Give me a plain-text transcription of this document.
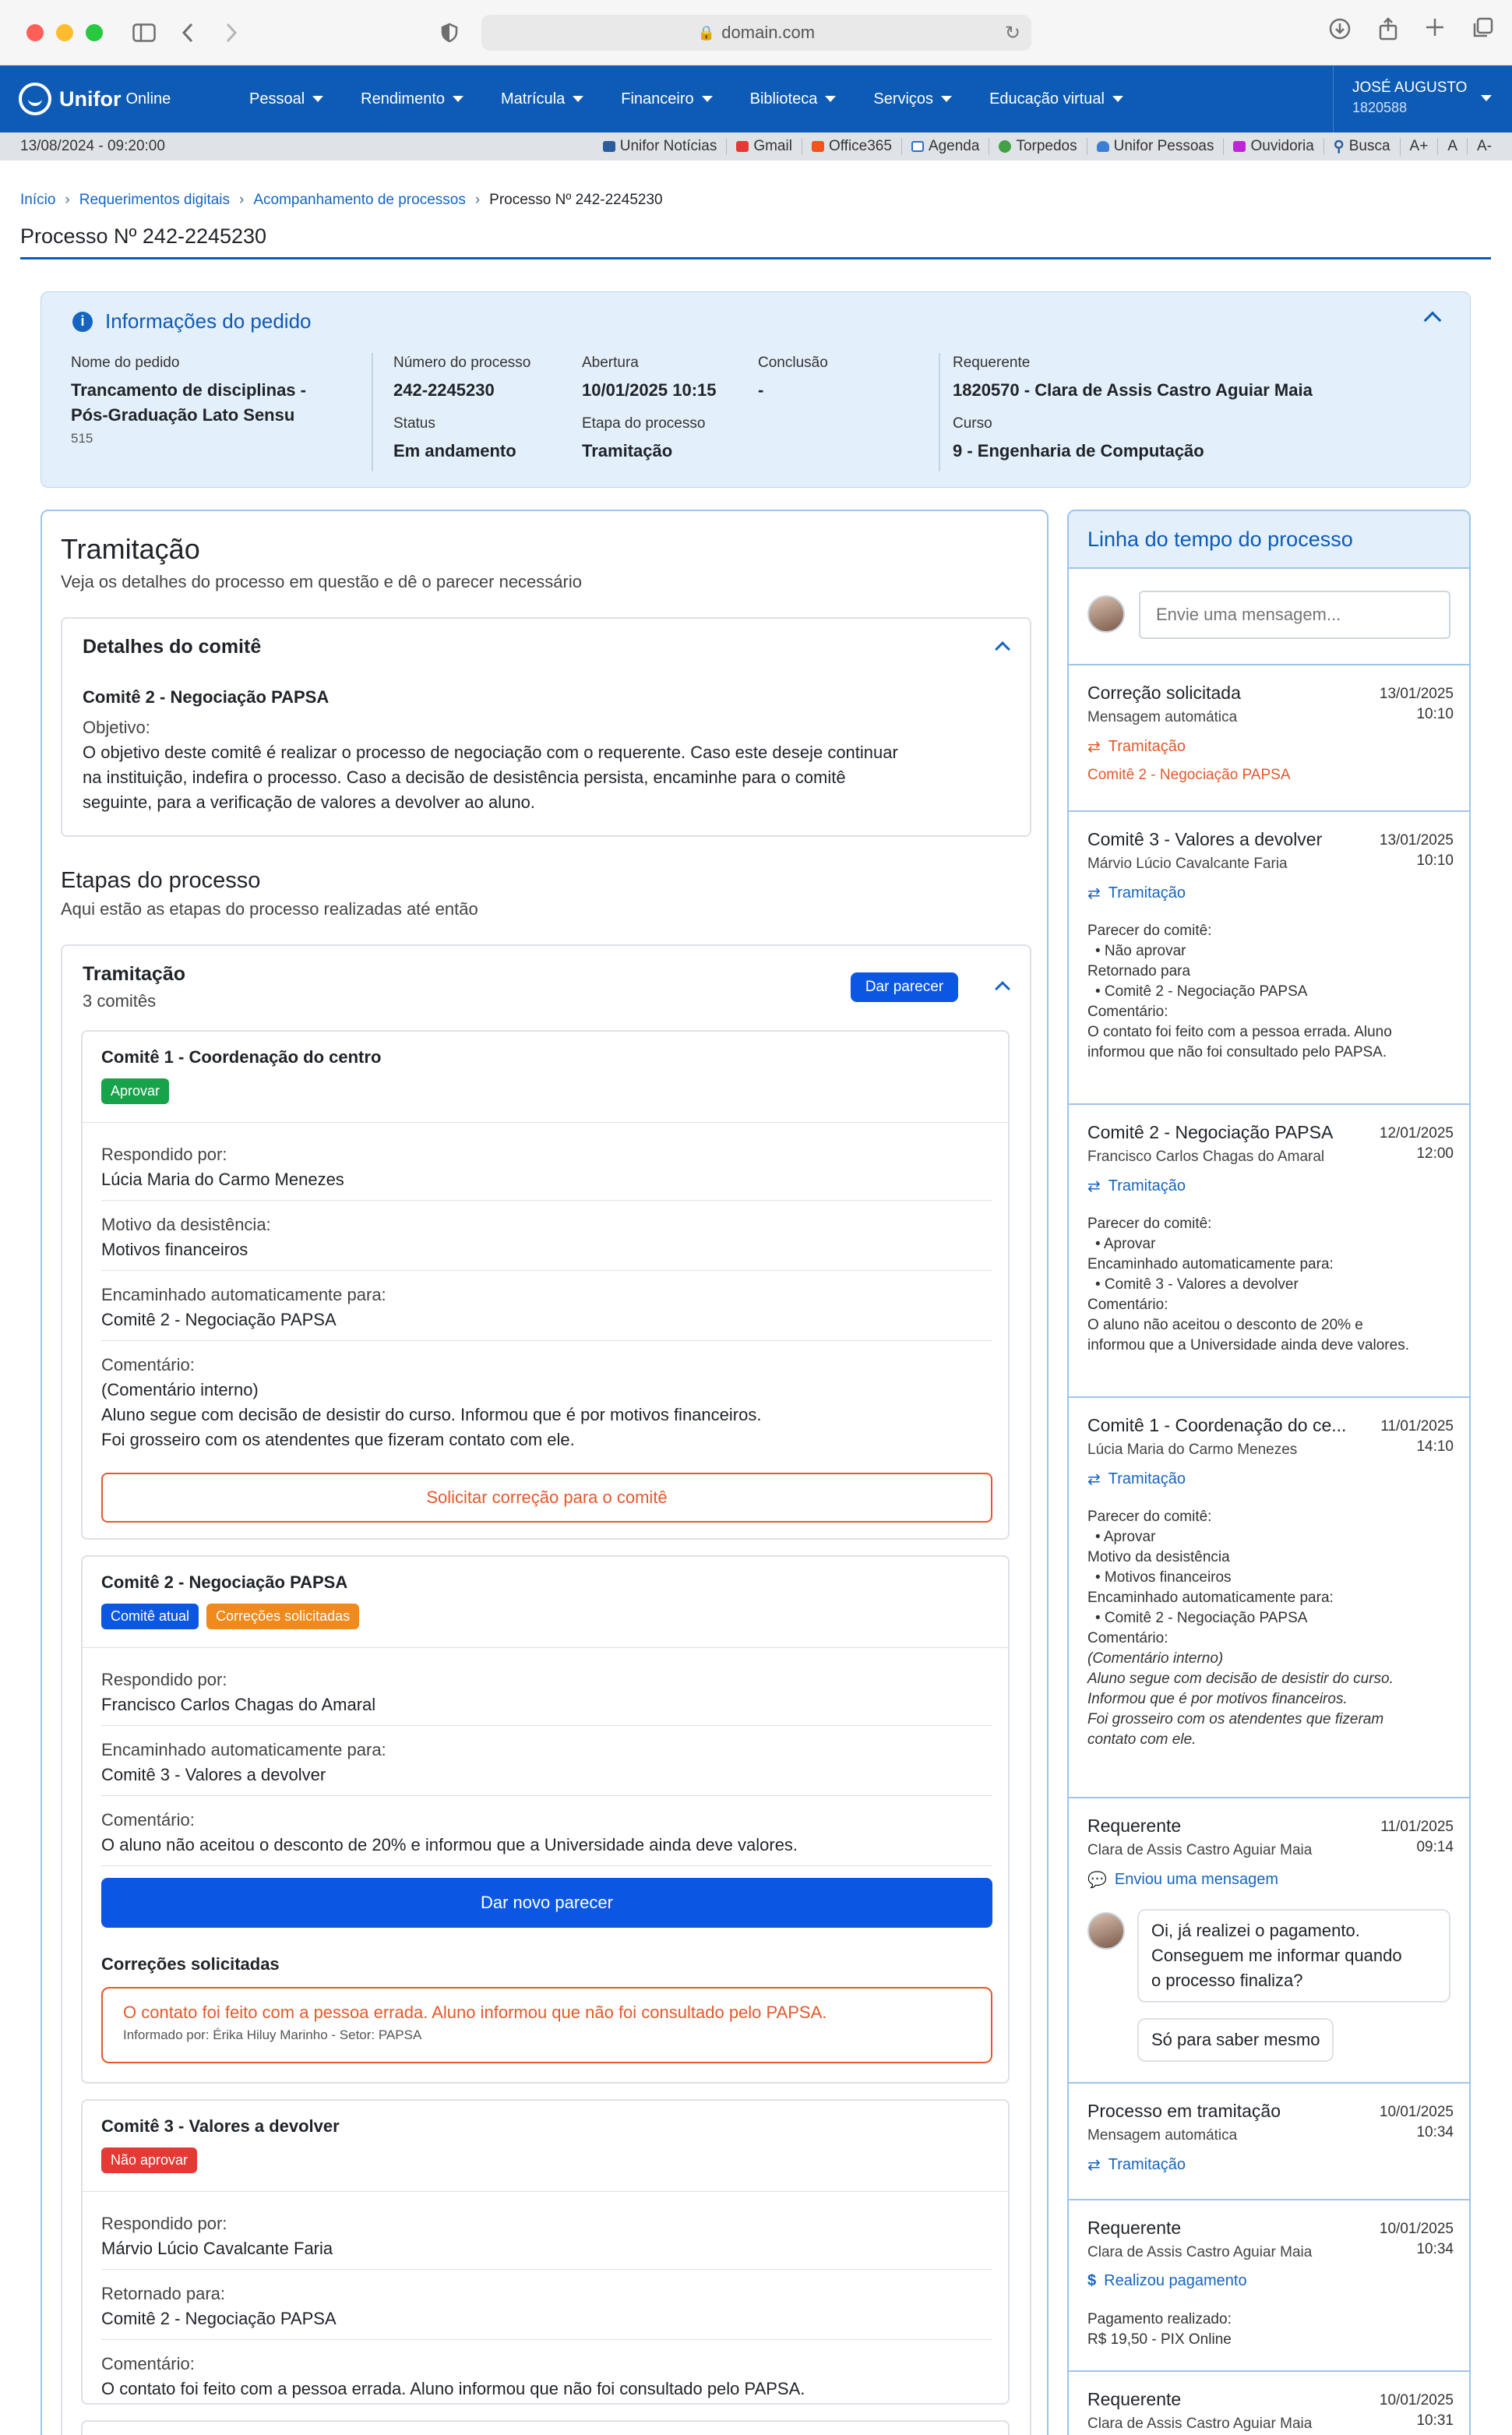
🔒 domain.com	↻
Unifor Online	Pessoal	Rendimento	Matrícula	Financeiro	Biblioteca	Serviços	Educação virtual
JOSÉ AUGUSTO
1820588
13/08/2024 - 09:20:00	Unifor Notícias Gmail Office365 Agenda Torpedos Unifor Pessoas Ouvidoria ⚲ Busca A+ A A-
Início › Requerimentos digitais › Acompanhamento de processos › Processo Nº 242-2245230
Processo Nº 242-2245230
i	Informações do pedido
Nome do pedido
Trancamento de disciplinas -
Pós-Graduação Lato Sensu
515
Número do processo
242-2245230
Abertura
10/01/2025 10:15
Conclusão
-
Status
Em andamento
Etapa do processo
Tramitação
Requerente
1820570 - Clara de Assis Castro Aguiar Maia
Curso
9 - Engenharia de Computação
Tramitação
Veja os detalhes do processo em questão e dê o parecer necessário
Detalhes do comitê
Comitê 2 - Negociação PAPSA
Objetivo:
O objetivo deste comitê é realizar o processo de negociação com o requerente. Caso este deseje continuar
na instituição, indefira o processo. Caso a decisão de desistência persista, encaminhe para o comitê
seguinte, para a verificação de valores a devolver ao aluno.
Etapas do processo
Aqui estão as etapas do processo realizadas até então
Tramitação
3 comitês
Dar parecer
Comitê 1 - Coordenação do centro
Aprovar
Respondido por:
Lúcia Maria do Carmo Menezes
Motivo da desistência:
Motivos financeiros
Encaminhado automaticamente para:
Comitê 2 - Negociação PAPSA
Comentário:
(Comentário interno)
Aluno segue com decisão de desistir do curso. Informou que é por motivos financeiros.
Foi grosseiro com os atendentes que fizeram contato com ele.
Solicitar correção para o comitê
Comitê 2 - Negociação PAPSA
Comitê atual	Correções solicitadas
Respondido por:
Francisco Carlos Chagas do Amaral
Encaminhado automaticamente para:
Comitê 3 - Valores a devolver
Comentário:
O aluno não aceitou o desconto de 20% e informou que a Universidade ainda deve valores.
Dar novo parecer
Correções solicitadas
O contato foi feito com a pessoa errada. Aluno informou que não foi consultado pelo PAPSA.
Informado por: Érika Hiluy Marinho - Setor: PAPSA
Comitê 3 - Valores a devolver
Não aprovar
Respondido por:
Márvio Lúcio Cavalcante Faria
Retornado para:
Comitê 2 - Negociação PAPSA
Comentário:
O contato foi feito com a pessoa errada. Aluno informou que não foi consultado pelo PAPSA.
Linha do tempo do processo
Envie uma mensagem...
Correção solicitada	13/01/2025
10:10
Mensagem automática
⇄ Tramitação
Comitê 2 - Negociação PAPSA
Comitê 3 - Valores a devolver	13/01/2025
10:10
Márvio Lúcio Cavalcante Faria
⇄ Tramitação
Parecer do comitê:
• Não aprovar
Retornado para
• Comitê 2 - Negociação PAPSA
Comentário:
O contato foi feito com a pessoa errada. Aluno
informou que não foi consultado pelo PAPSA.
Comitê 2 - Negociação PAPSA	12/01/2025
12:00
Francisco Carlos Chagas do Amaral
⇄ Tramitação
Parecer do comitê:
• Aprovar
Encaminhado automaticamente para:
• Comitê 3 - Valores a devolver
Comentário:
O aluno não aceitou o desconto de 20% e
informou que a Universidade ainda deve valores.
Comitê 1 - Coordenação do ce...	11/01/2025
14:10
Lúcia Maria do Carmo Menezes
⇄ Tramitação
Parecer do comitê:
• Aprovar
Motivo da desistência
• Motivos financeiros
Encaminhado automaticamente para:
• Comitê 2 - Negociação PAPSA
Comentário:
(Comentário interno)
Aluno segue com decisão de desistir do curso.
Informou que é por motivos financeiros.
Foi grosseiro com os atendentes que fizeram
contato com ele.
Requerente	11/01/2025
09:14
Clara de Assis Castro Aguiar Maia
💬 Enviou uma mensagem
Oi, já realizei o pagamento.
Conseguem me informar quando
o processo finaliza?
Só para saber mesmo
Processo em tramitação	10/01/2025
10:34
Mensagem automática
⇄ Tramitação
Requerente	10/01/2025
10:34
Clara de Assis Castro Aguiar Maia
$ Realizou pagamento
Pagamento realizado:
R$ 19,50 - PIX Online
Requerente	10/01/2025
10:31
Clara de Assis Castro Aguiar Maia
